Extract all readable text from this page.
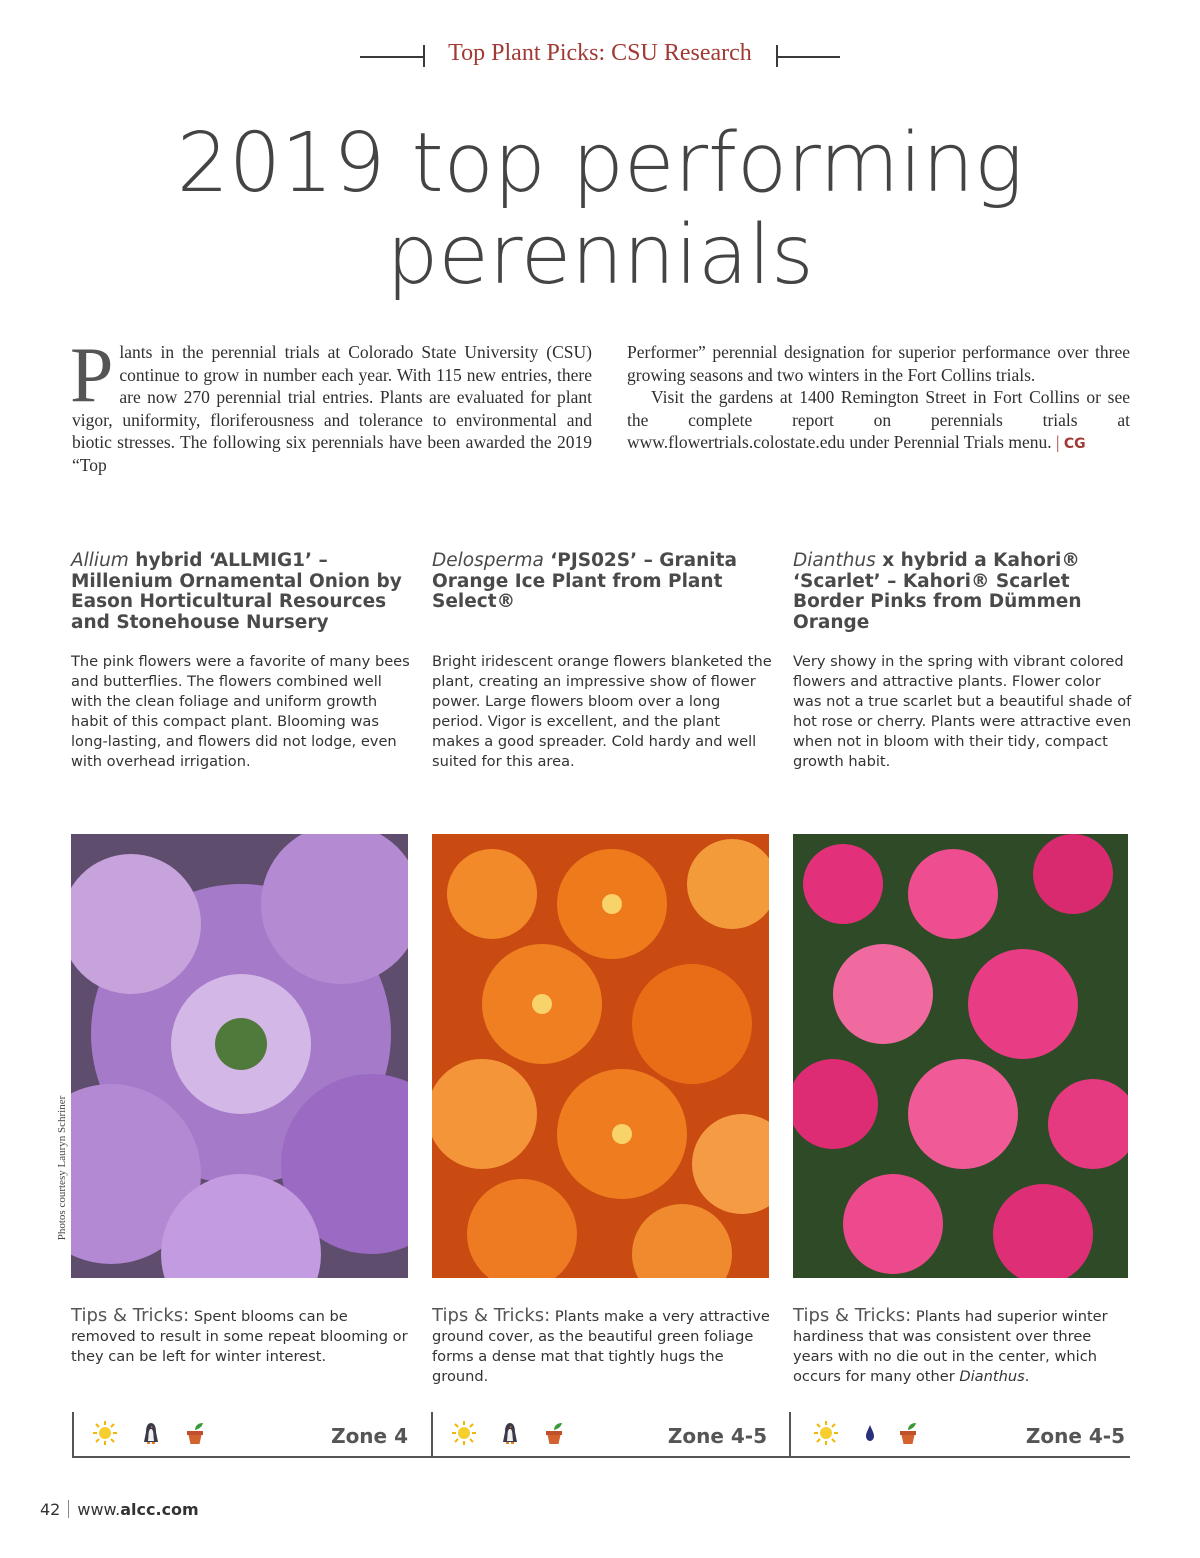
Top Plant Picks: CSU Research
2019 top performing
perennials

Plants in the perennial trials at Colorado State University (CSU) continue to grow in number each year. With 115 new entries, there are now 270 perennial trial entries. Plants are evaluated for plant vigor, uniformity, floriferousness and tolerance to environmental and biotic stresses. The following six perennials have been awarded the 2019 “Top

Performer” perennial designation for superior performance over three growing seasons and two winters in the Fort Collins trials.

Visit the gardens at 1400 Remington Street in Fort Collins or see the complete report on perennials trials at www.flowertrials.colostate.edu under Perennial Trials menu. | CG

Allium hybrid ‘ALLMIG1’ – Millenium Ornamental Onion by Eason Horticultural Resources and Stonehouse Nursery

The pink flowers were a favorite of many bees and butterflies. The flowers combined well with the clean foliage and uniform growth habit of this compact plant. Blooming was long-lasting, and flowers did not lodge, even with overhead irrigation.

Tips & Tricks: Spent blooms can be removed to result in some repeat blooming or they can be left for winter interest.

Delosperma ‘PJS02S’ – Granita Orange Ice Plant from Plant Select®

Bright iridescent orange flowers blanketed the plant, creating an impressive show of flower power. Large flowers bloom over a long period. Vigor is excellent, and the plant makes a good spreader. Cold hardy and well suited for this area.

Tips & Tricks: Plants make a very attractive ground cover, as the beautiful green foliage forms a dense mat that tightly hugs the ground.

Dianthus x hybrid a Kahori® ‘Scarlet’ – Kahori® Scarlet Border Pinks from Dümmen Orange

Very showy in the spring with vibrant colored flowers and attractive plants. Flower color was not a true scarlet but a beautiful shade of hot rose or cherry. Plants were attractive even when not in bloom with their tidy, compact growth habit.

Tips & Tricks: Plants had superior winter hardiness that was consistent over three years with no die out in the center, which occurs for many other Dianthus.
Photos courtesy Lauryn Schriner
Zone 4	Zone 4-5	Zone 4-5
42 www.alcc.com
